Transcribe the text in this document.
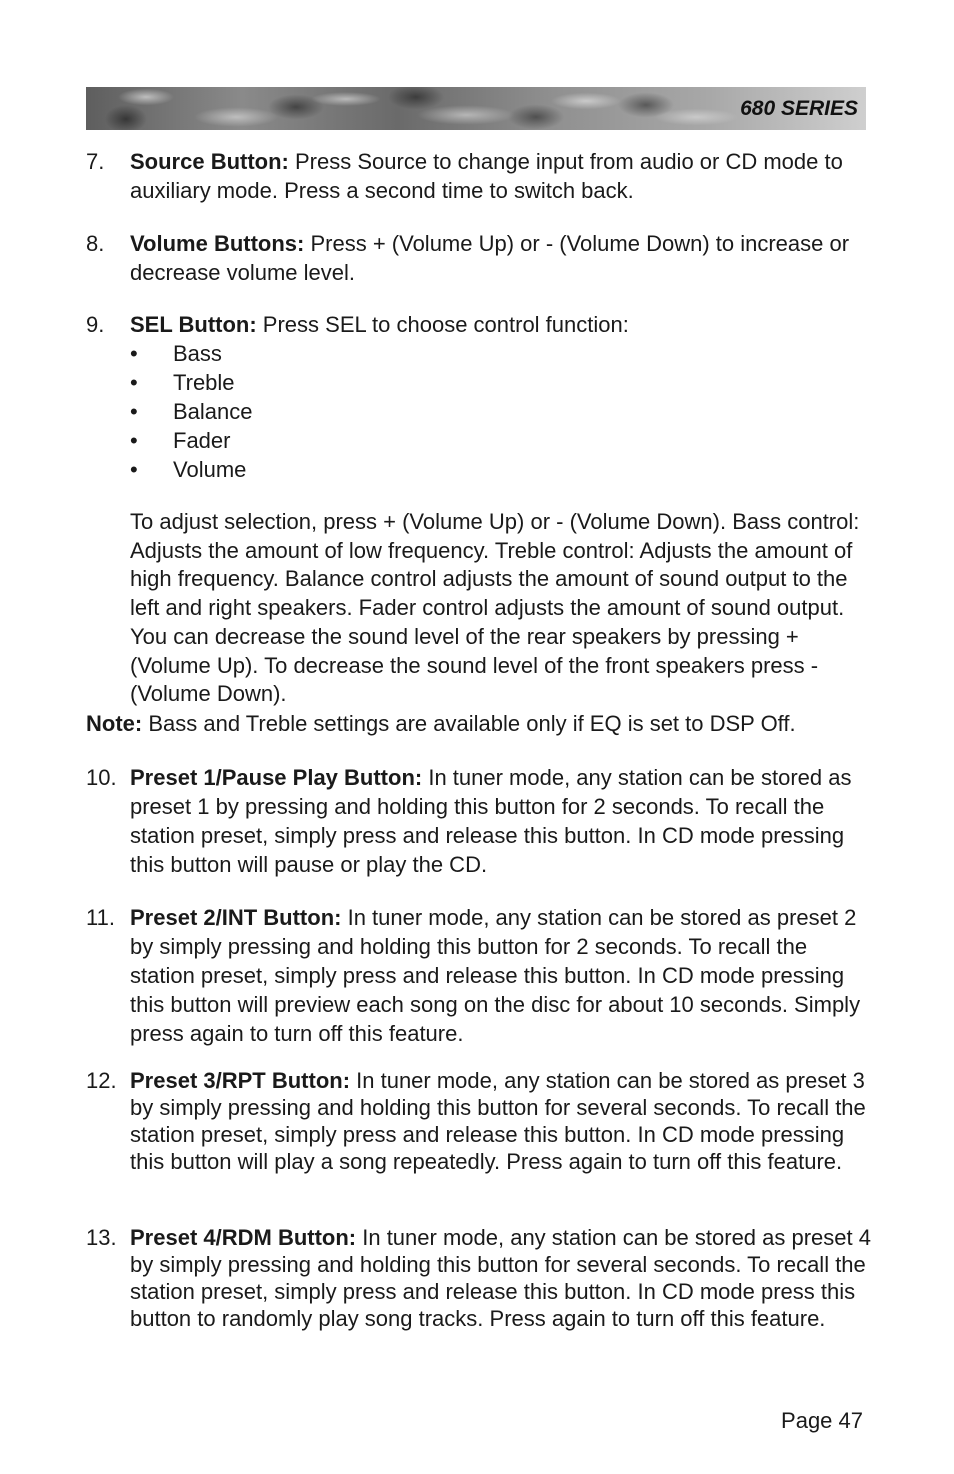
680 SERIES
7. Source Button: Press Source to change input from audio or CD mode to auxiliary mode. Press a second time to switch back.
8. Volume Buttons: Press + (Volume Up) or - (Volume Down) to increase or decrease volume level.
9. SEL Button: Press SEL to choose control function:
• Bass
• Treble
• Balance
• Fader
• Volume
To adjust selection, press + (Volume Up) or - (Volume Down). Bass control: Adjusts the amount of low frequency. Treble control: Adjusts the amount of high frequency. Balance control adjusts the amount of sound output to the left and right speakers. Fader control adjusts the amount of sound output. You can decrease the sound level of the rear speakers by pressing + (Volume Up). To decrease the sound level of the front speakers press - (Volume Down).
Note: Bass and Treble settings are available only if EQ is set to DSP Off.
10. Preset 1/Pause Play Button: In tuner mode, any station can be stored as preset 1 by pressing and holding this button for 2 seconds. To recall the station preset, simply press and release this button. In CD mode pressing this button will pause or play the CD.
11. Preset 2/INT Button: In tuner mode, any station can be stored as preset 2 by simply pressing and holding this button for 2 seconds. To recall the station preset, simply press and release this button. In CD mode pressing this button will preview each song on the disc for about 10 seconds. Simply press again to turn off this feature.
12. Preset 3/RPT Button: In tuner mode, any station can be stored as preset 3 by simply pressing and holding this button for several seconds. To recall the station preset, simply press and release this button. In CD mode pressing this button will play a song repeatedly. Press again to turn off this feature.
13. Preset 4/RDM Button: In tuner mode, any station can be stored as preset 4 by simply pressing and holding this button for several seconds. To recall the station preset, simply press and release this button. In CD mode press this button to randomly play song tracks. Press again to turn off this feature.
Page 47
